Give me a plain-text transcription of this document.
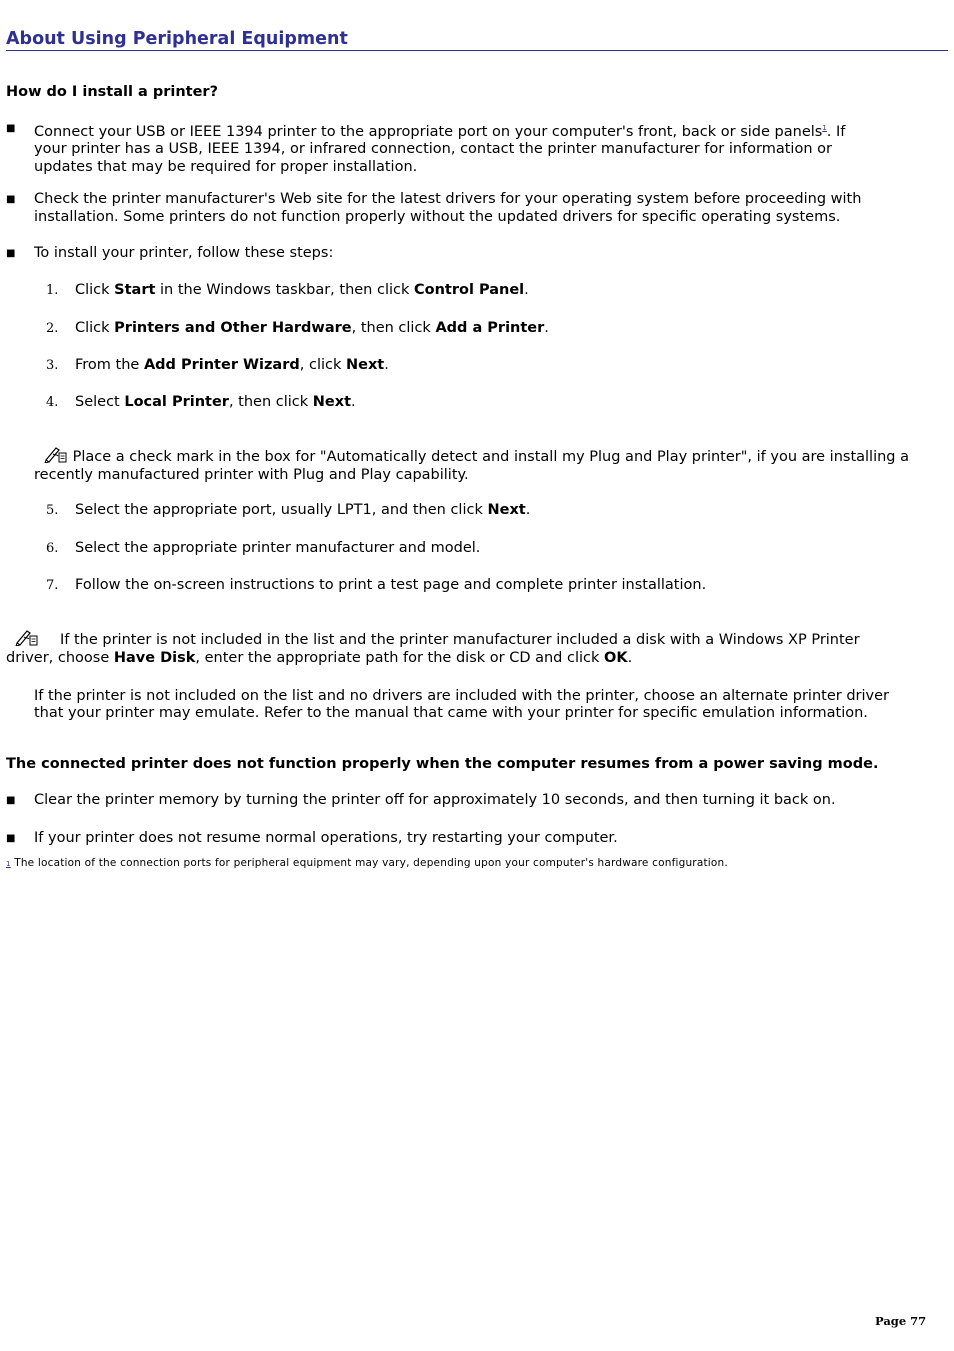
About Using Peripheral Equipment
How do I install a printer?
■ Connect your USB or IEEE 1394 printer to the appropriate port on your computer's front, back or side panels$^1$. If
your printer has a USB, IEEE 1394, or infrared connection, contact the printer manufacturer for information or
updates that may be required for proper installation.
■ Check the printer manufacturer's Web site for the latest drivers for your operating system before proceeding with
installation. Some printers do not function properly without the updated drivers for specific operating systems.
■ To install your printer, follow these steps:
1. Click Start in the Windows taskbar, then click Control Panel.
2. Click Printers and Other Hardware, then click Add a Printer.
3. From the Add Printer Wizard, click Next.
4. Select Local Printer, then click Next.
Place a check mark in the box for "Automatically detect and install my Plug and Play printer", if you are installing a
recently manufactured printer with Plug and Play capability.
5. Select the appropriate port, usually LPT1, and then click Next.
6. Select the appropriate printer manufacturer and model.
7. Follow the on-screen instructions to print a test page and complete printer installation.
If the printer is not included in the list and the printer manufacturer included a disk with a Windows XP Printer
driver, choose Have Disk, enter the appropriate path for the disk or CD and click OK.
If the printer is not included on the list and no drivers are included with the printer, choose an alternate printer driver
that your printer may emulate. Refer to the manual that came with your printer for specific emulation information.
The connected printer does not function properly when the computer resumes from a power saving mode.
■ Clear the printer memory by turning the printer off for approximately 10 seconds, and then turning it back on.
■ If your printer does not resume normal operations, try restarting your computer.
1 The location of the connection ports for peripheral equipment may vary, depending upon your computer's hardware configuration.
Page 77
